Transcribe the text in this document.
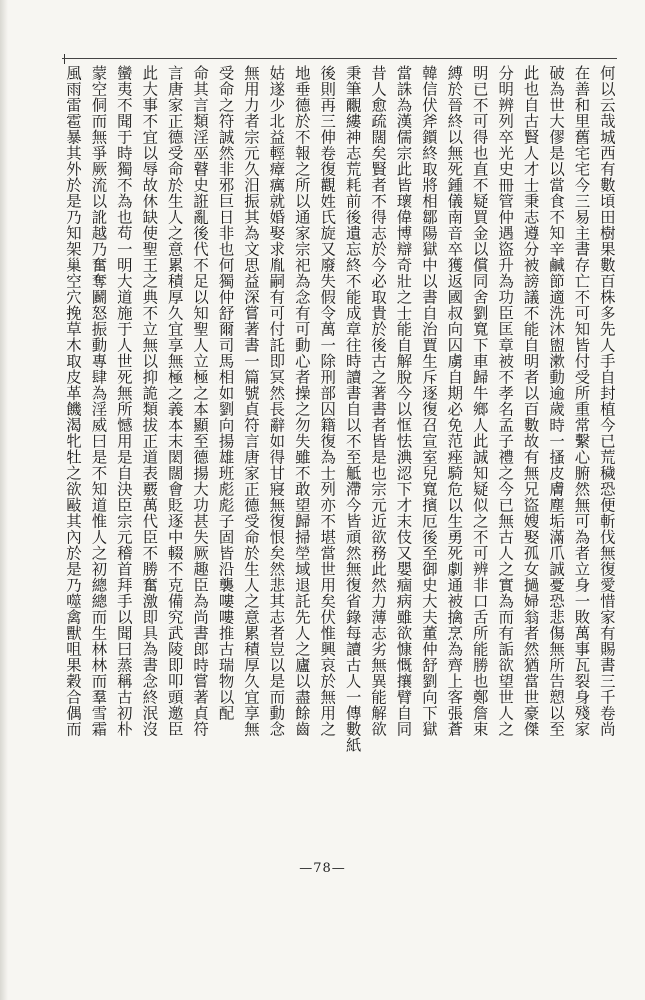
何以云哉城西有數頃田樹果數百株多先人手自封植今已荒穢恐便斬伐無復愛惜家有賜書三千卷尚
在善和里舊宅宅今三易主書存亡不可知皆付受所重常繫心腑然無可為者立身一敗萬事瓦裂身殘家
破為世大僇是以當食不知辛鹹節適洗沐盥漱動逾歲時一搔皮膚塵垢滿爪誠憂恐悲傷無所告愬以至
此也自古賢人才士秉志遵分被謗議不能自明者以百數故有無兄盜嫂娶孤女撾婦翁者然猶當世豪傑
分明辨列卒光史冊管仲遇盜升為功臣匡章被不孝名孟子禮之今已無古人之實為而有詬欲望世人之
明已不可得也直不疑買金以償同舍劉寬下車歸牛鄉人此誠知疑似之不可辨非口舌所能勝也鄭詹束
縛於晉終以無死鍾儀南音卒獲返國叔向囚虜自期必免范痤騎危以生勇死劇通被擒烹為齊上客張蒼
韓信伏斧鑕終取將相鄒陽獄中以書自治賈生斥逐復召宣室兒寬擯厄後至御史大夫董仲舒劉向下獄
當誅為漢儒宗此皆瓌偉博辯奇壯之士能自解脫今以恇怯淟涊下才末伎又嬰痼病雖欲慷慨攘臂自同
昔人愈疏闊矣賢者不得志於今必取貴於後古之著書者皆是也宗元近欲務此然力薄志劣無異能解欲
秉筆覼縷神志荒耗前後遺忘終不能成章往時讀書自以不至觝滯今皆頑然無復省錄每讀古人一傳數紙
後則再三伸卷復觀姓氏旋又廢失假令萬一除刑部囚籍復為士列亦不堪當世用矣伏惟興哀於無用之
地垂德於不報之所以通家宗祀為念有可動心者操之勿失雖不敢望歸掃塋域退託先人之廬以盡餘齒
姑遂少北益輕瘴癘就婚娶求胤嗣有可付託即冥然長辭如得甘寢無復恨矣然悲其志者豈以是而動念
無用力者宗元久汨振其為文思益深嘗著書一篇號貞符言唐家正德受命於生人之意累積厚久宜享無
受命之符誠然非邪巨日非也何獨仲舒爾司馬相如劉向揚雄班彪彪子固皆沿襲嘍嘍推古瑞物以配
命其言類淫巫瞽史誑亂後代不足以知聖人立極之本顯至德揚大功甚失厥趣臣為尚書郎時嘗著貞符
言唐家正德受命於生人之意累積厚久宜享無極之義本末閎闊會貶逐中輟不克備究武陵即叩頭邀臣
此大事不宜以辱故休缺使聖王之典不立無以抑詭類拔正道表覈萬代臣不勝奮激即具為書念終泯沒
蠻夷不聞于時獨不為也苟一明大道施于人世死無所憾用是自決臣宗元稽首拜手以聞曰蒸稱古初朴
蒙空侗而無爭厥流以訛越乃奮奪鬬怒振動專肆為淫威曰是不知道惟人之初總總而生林林而羣雪霜
風雨雷雹暴其外於是乃知架巢空穴挽草木取皮革饑渴牝牡之欲敺其內於是乃噬禽獸咀果穀合偶而
—78—
